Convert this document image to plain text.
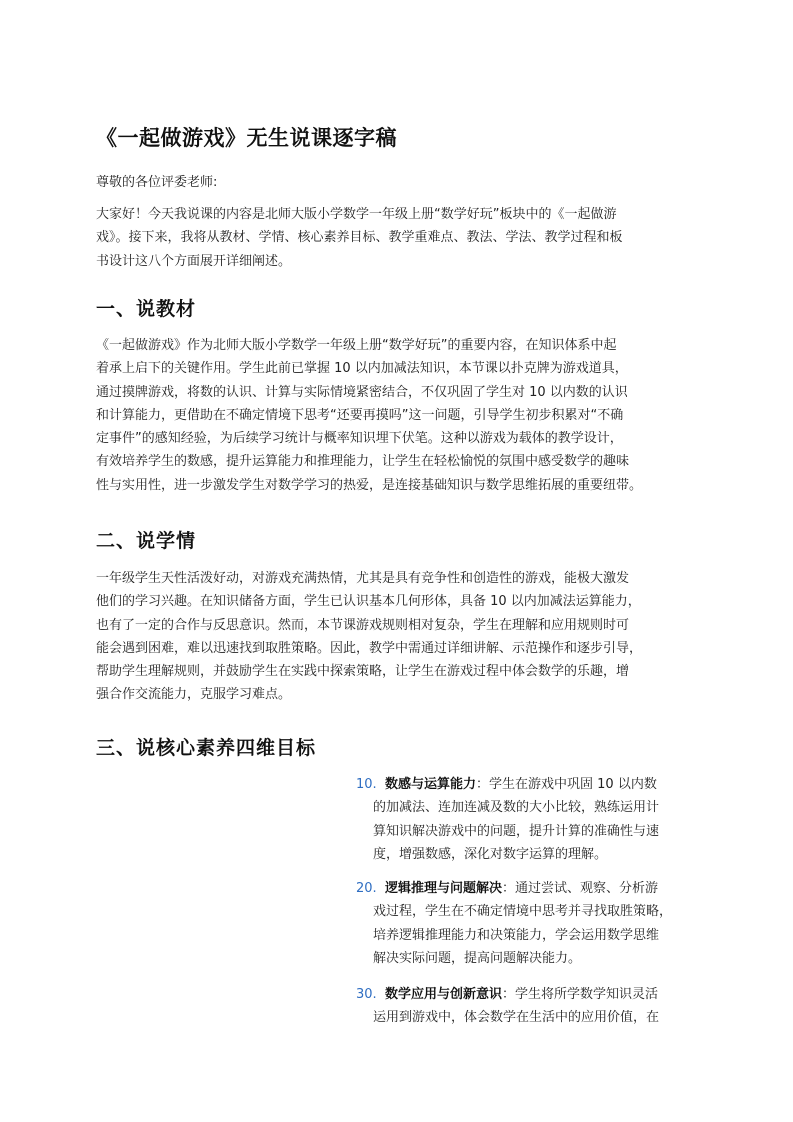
《一起做游戏》无生说课逐字稿

尊敬的各位评委老师:

大家好！今天我说课的内容是北师大版小学数学一年级上册“数学好玩”板块中的《一起做游
戏》。接下来，我将从教材、学情、核心素养目标、教学重难点、教法、学法、教学过程和板
书设计这八个方面展开详细阐述。

一、说教材

《一起做游戏》作为北师大版小学数学一年级上册“数学好玩”的重要内容，在知识体系中起
着承上启下的关键作用。学生此前已掌握 10 以内加减法知识，本节课以扑克牌为游戏道具，
通过摸牌游戏，将数的认识、计算与实际情境紧密结合，不仅巩固了学生对 10 以内数的认识
和计算能力，更借助在不确定情境下思考“还要再摸吗”这一问题，引导学生初步积累对“不确
定事件”的感知经验，为后续学习统计与概率知识埋下伏笔。这种以游戏为载体的教学设计，
有效培养学生的数感，提升运算能力和推理能力，让学生在轻松愉悦的氛围中感受数学的趣味
性与实用性，进一步激发学生对数学学习的热爱，是连接基础知识与数学思维拓展的重要纽带。

二、说学情

一年级学生天性活泼好动，对游戏充满热情，尤其是具有竞争性和创造性的游戏，能极大激发
他们的学习兴趣。在知识储备方面，学生已认识基本几何形体，具备 10 以内加减法运算能力，
也有了一定的合作与反思意识。然而，本节课游戏规则相对复杂，学生在理解和应用规则时可
能会遇到困难，难以迅速找到取胜策略。因此，教学中需通过详细讲解、示范操作和逐步引导，
帮助学生理解规则，并鼓励学生在实践中探索策略，让学生在游戏过程中体会数学的乐趣，增
强合作交流能力，克服学习难点。

三、说核心素养四维目标
10. 数感与运算能力：学生在游戏中巩固 10 以内数
的加减法、连加连减及数的大小比较，熟练运用计
算知识解决游戏中的问题，提升计算的准确性与速
度，增强数感，深化对数字运算的理解。
20. 逻辑推理与问题解决：通过尝试、观察、分析游
戏过程，学生在不确定情境中思考并寻找取胜策略，
培养逻辑推理能力和决策能力，学会运用数学思维
解决实际问题，提高问题解决能力。
30. 数学应用与创新意识：学生将所学数学知识灵活
运用到游戏中，体会数学在生活中的应用价值，在
